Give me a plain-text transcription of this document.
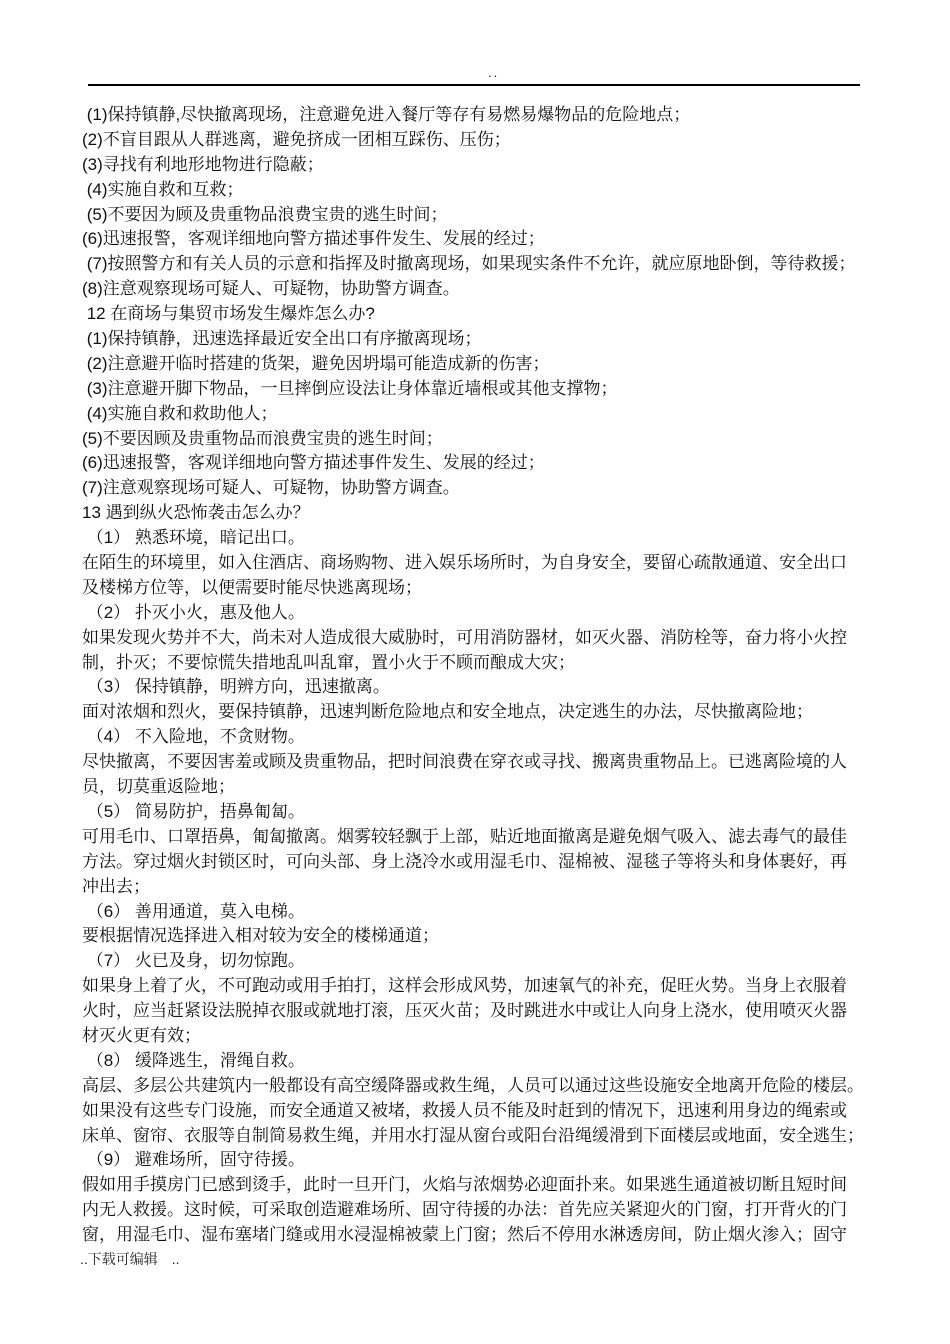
..
(1)保持镇静,尽快撤离现场，注意避免进入餐厅等存有易燃易爆物品的危险地点；
(2)不盲目跟从人群逃离，避免挤成一团相互踩伤、压伤；
(3)寻找有利地形地物进行隐蔽；
(4)实施自救和互救；
(5)不要因为顾及贵重物品浪费宝贵的逃生时间；
(6)迅速报警，客观详细地向警方描述事件发生、发展的经过；
(7)按照警方和有关人员的示意和指挥及时撤离现场，如果现实条件不允许，就应原地卧倒，等待救援；
(8)注意观察现场可疑人、可疑物，协助警方调查。
12 在商场与集贸市场发生爆炸怎么办?
(1)保持镇静，迅速选择最近安全出口有序撤离现场；
(2)注意避开临时搭建的货架，避免因坍塌可能造成新的伤害；
(3)注意避开脚下物品，一旦摔倒应设法让身体靠近墙根或其他支撑物；
(4)实施自救和救助他人；
(5)不要因顾及贵重物品而浪费宝贵的逃生时间；
(6)迅速报警，客观详细地向警方描述事件发生、发展的经过；
(7)注意观察现场可疑人、可疑物，协助警方调查。
13 遇到纵火恐怖袭击怎么办？
（1） 熟悉环境，暗记出口。
在陌生的环境里，如入住酒店、商场购物、进入娱乐场所时，为自身安全，要留心疏散通道、安全出口
及楼梯方位等，以便需要时能尽快逃离现场；
（2） 扑灭小火，惠及他人。
如果发现火势并不大，尚未对人造成很大威胁时，可用消防器材，如灭火器、消防栓等，奋力将小火控
制，扑灭；不要惊慌失措地乱叫乱窜，置小火于不顾而酿成大灾；
（3） 保持镇静，明辨方向，迅速撤离。
面对浓烟和烈火，要保持镇静，迅速判断危险地点和安全地点，决定逃生的办法，尽快撤离险地；
（4） 不入险地，不贪财物。
尽快撤离，不要因害羞或顾及贵重物品，把时间浪费在穿衣或寻找、搬离贵重物品上。已逃离险境的人
员，切莫重返险地；
（5） 简易防护，捂鼻匍匐。
可用毛巾、口罩捂鼻，匍匐撤离。烟雾较轻飘于上部，贴近地面撤离是避免烟气吸入、滤去毒气的最佳
方法。穿过烟火封锁区时，可向头部、身上浇冷水或用湿毛巾、湿棉被、湿毯子等将头和身体裹好，再
冲出去；
（6） 善用通道，莫入电梯。
要根据情况选择进入相对较为安全的楼梯通道；
（7） 火已及身，切勿惊跑。
如果身上着了火，不可跑动或用手拍打，这样会形成风势，加速氧气的补充，促旺火势。当身上衣服着
火时，应当赶紧设法脱掉衣服或就地打滚，压灭火苗；及时跳进水中或让人向身上浇水，使用喷灭火器
材灭火更有效；
（8） 缓降逃生，滑绳自救。
高层、多层公共建筑内一般都设有高空缓降器或救生绳，人员可以通过这些设施安全地离开危险的楼层。
如果没有这些专门设施，而安全通道又被堵，救援人员不能及时赶到的情况下，迅速利用身边的绳索或
床单、窗帘、衣服等自制简易救生绳，并用水打湿从窗台或阳台沿绳缓滑到下面楼层或地面，安全逃生；
（9） 避难场所，固守待援。
假如用手摸房门已感到烫手，此时一旦开门，火焰与浓烟势必迎面扑来。如果逃生通道被切断且短时间
内无人救援。这时候，可采取创造避难场所、固守待援的办法：首先应关紧迎火的门窗，打开背火的门
窗，用湿毛巾、湿布塞堵门缝或用水浸湿棉被蒙上门窗；然后不停用水淋透房间，防止烟火渗入；固守
..下载可编辑　..
